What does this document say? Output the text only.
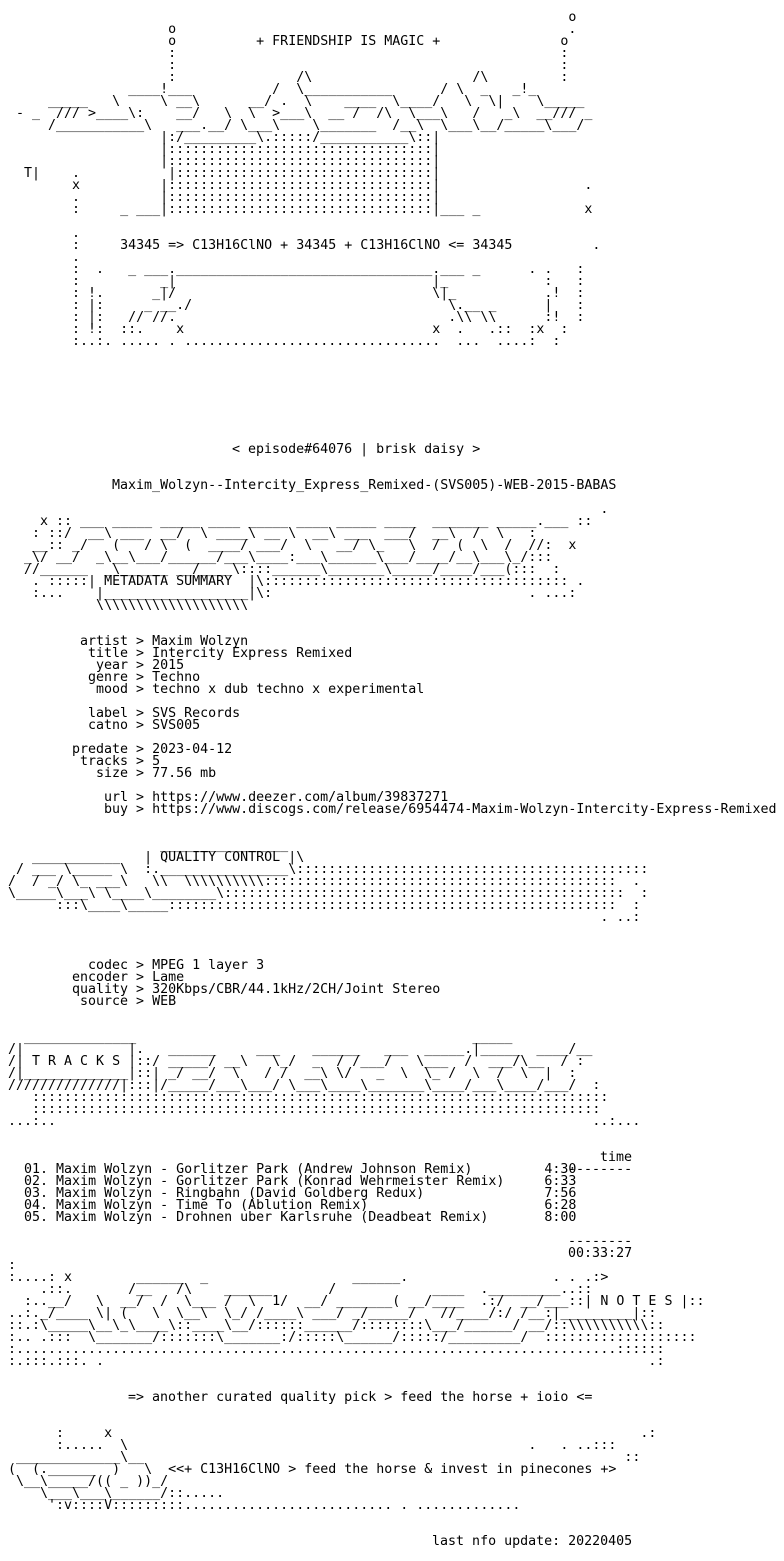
o
o                                                 .
o          + FRIENDSHIP IS MAGIC +               o
:                                                :
:                                                :
:               /\                    /\         :
____!___          /  \___________      / \  _   _!_
_____   \     \ __\      __/ .  \    ____  \____/   \  \|    \_____
- _  /// >____\:    __/   \  \  >___\  __ /  /\  \___\   /   _\  __/// _
/___________\   ___.__/ \___\    \_______  /__\  \___\__/_____\___/
|:/_________\.:::::/___________\::|
|:::::::::::::::::::::::::::::::::|
|:::::::::::::::::::::::::::::::::|
T|    .           |::::::::::::::::::::::::::::::::|
x          |:::::::::::::::::::::::::::::::::|                  .
.          |:::::::::::::::::::::::::::::::::|
:     _ ___|:::::::::::::::::::::::::::::::::|___ _             x
.
:     34345 => C13H16ClNO + 34345 + C13H16ClNO <= 34345          .
.
:  .   _ ___.________________________________.___ _      . .   :
:          _|                                |_            :   :
: !.      _|/                                \|_           .!  :
: |:     _ __./                                \.__ _      |   :
: |:   // //.                                  .\\ \\      :!  :
: !:  ::.    x                               x  .   .::  :x  :
:..:. ..... . ................................  ...  ....:  :

< episode#64076 | brisk daisy >

Maxim_Wolzyn--Intercity_Express_Remixed-(SVS005)-WEB-2015-BABAS

.
x :: ___ _____ _____ ____ _____ ____ _____ ____  _______ _____.___ ::
: ::/  __\ ___  __/  \ ____\ __ \  __\ ___  ___/  __\  /  \   :
__:: _/   (   / \  (  ____/ ___/  \   __/ \_   \  /  (  \  /  //:  x
_\/ __/  _\__\___/______/___\____:___\______\___/____/__\___\_/:::
//______  _\______ __/____\::::______\_______\_____/____/___(:::  :
. :::::| METADATA SUMMARY  |\:::::::::::::::::::::::::::::::::::::: .
:...    |__________________|\:                                . ...:
\\\\\\\\\\\\\\\\\\\
artist > Maxim Wolzyn
title > Intercity Express Remixed
year > 2015
genre > Techno
mood > techno x dub techno x experimental
label > SVS Records
catno > SVS005
predate > 2023-04-12
tracks > 5
size > 77.56 mb
url > https://www.deezer.com/album/39837271
buy > https://www.discogs.com/release/6954474-Maxim-Wolzyn-Intercity-Express-Remixed
________________
___________   | QUALITY CONTROL |\
/ ___ \_____ \  :.________________\::::::::::::::::::::::::::::::::::::::::::::
/  / _/ \_ ___\   \\  \\\\\\\\\\::::::::::::::::::::::::::::::::::::::::::::  .
\_____\___\ \____\________\::::::::::::::::::::::::::::::::::::::::::::::::::  :
:::\____\_____::::::::::::::::::::::::::::::::::::::::::::::::::::::::  :
. ..:
codec > MPEG 1 layer 3
encoder > Lame
quality > 320Kbps/CBR/44.1kHz/2CH/Joint Stereo
source > WEB
______________                                          _____
/|             |.   ______     ___    ______   ___  _____.|_____  ____/__
/| T R A C K S |::/ _____/ __\   \_/  _  / /___/   \___  /  ___/\__  / :
/|_____________|::| _/ __/  \   / /  __\ \/   _  \  \_ /  \  /  \  |  :
//////////////|:::|/_____/___\___/ \___\____\_______\____/___\____/___/  :
::::::::::::::::::::::::::::::::::::::::::::::::::::::::::::::::::::::::
:::::::::::::::::::::::::::::::::::::::::::::::::::::::::::::::::::::::
...:..                                                                   ..:...

time

--------

01. Maxim Wolzyn - Gorlitzer Park (Andrew Johnson Remix)	4:30
02. Maxim Wolzyn - Gorlitzer Park (Konrad Wehrmeister Remix)	6:33
03. Maxim Wolzyn - Ringbahn (David Goldberg Redux)	7:56
04. Maxim Wolzyn - Time To (Ablution Remix)	6:28
05. Maxim Wolzyn - Drohnen uber Karlsruhe (Deadbeat Remix)	8:00

--------

00:33:27

:
:....: x        ______  _                  ______.                  . . .:>
.::.       /__   /\    ______       /            ____  ._________..::
:..__/   \  __/  /  \___ /  \  1/  __/ _______( __/____  .:/  __/___::| N O T E S |::
..:._/____ \| (   \  \__\  \_/ /____\ ___/ _/_____/   //____/:/ /__:|_________|::
::.:\_____\__\_\____\::____\__/::::::______/::::::::\___/______/ __/::\\\\\\\\\\::
:.. .:::  \_______/:::::::\_______:/:::::\______/:::::/_________/  :::::::::::::::::::
:...........................................................................::::::
:.:::.:::. .                                                                    .:

=> another curated quality pick > feed the horse + ioio <=

:     x                                                                  .:
:.....  \                                                  .   . ..:::
_____________\__                                                            ::
(  (.______  )   \  <<+ C13H16ClNO > feed the horse & invest in pinecones +>
\__\_____/(( _ ))_/
\___\___\______/::.....
':v::::V:::::::::.......................... . .............

last nfo update: 20220405
